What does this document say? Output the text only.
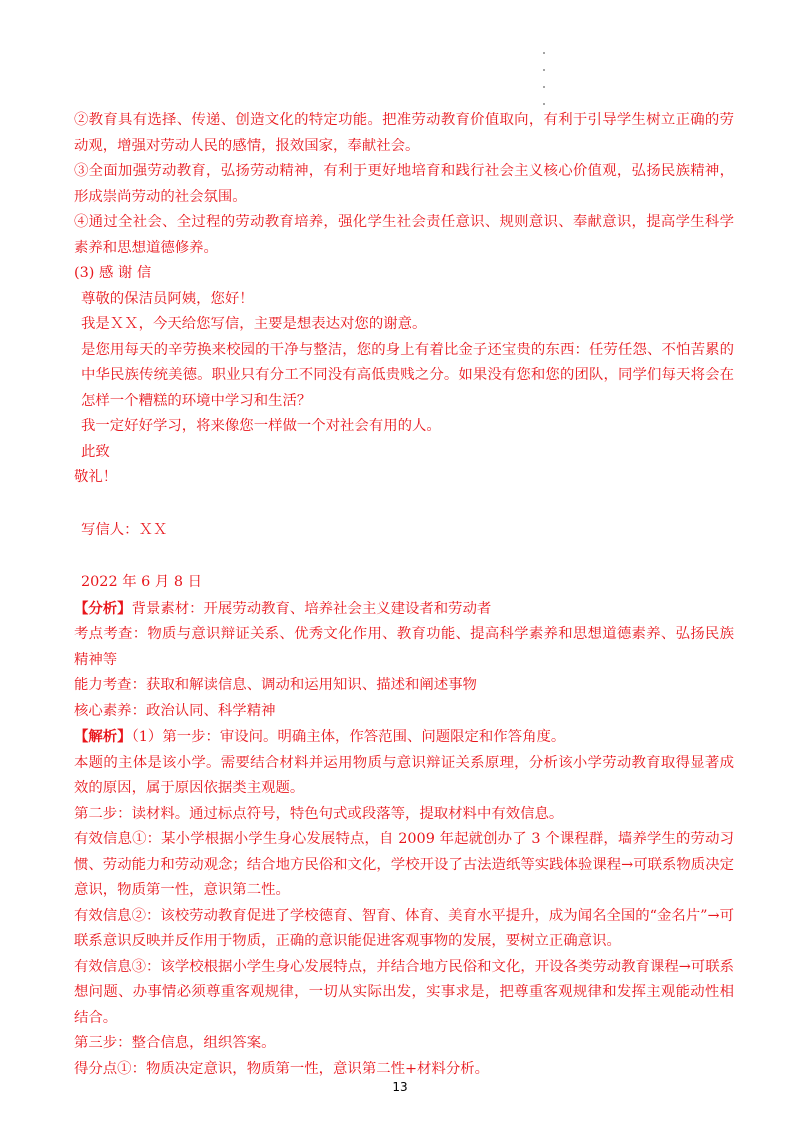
②教育具有选择、传递、创造文化的特定功能。把准劳动教育价值取向，有利于引导学生树立正确的劳动观，增强对劳动人民的感情，报效国家，奉献社会。

③全面加强劳动教育，弘扬劳动精神，有利于更好地培育和践行社会主义核心价值观，弘扬民族精神，形成崇尚劳动的社会氛围。

④通过全社会、全过程的劳动教育培养，强化学生社会责任意识、规则意识、奉献意识，提高学生科学素养和思想道德修养。

(3) 感 谢 信

尊敬的保洁员阿姨，您好！

我是ＸＸ，今天给您写信，主要是想表达对您的谢意。

是您用每天的辛劳换来校园的干净与整洁，您的身上有着比金子还宝贵的东西：任劳任怨、不怕苦累的中华民族传统美德。职业只有分工不同没有高低贵贱之分。如果没有您和您的团队，同学们每天将会在怎样一个糟糕的环境中学习和生活？

我一定好好学习，将来像您一样做一个对社会有用的人。

此致

敬礼！

写信人：ＸＸ

2022 年 6 月 8 日

【分析】背景素材：开展劳动教育、培养社会主义建设者和劳动者

考点考查：物质与意识辩证关系、优秀文化作用、教育功能、提高科学素养和思想道德素养、弘扬民族精神等

能力考查：获取和解读信息、调动和运用知识、描述和阐述事物

核心素养：政治认同、科学精神

【解析】（1）第一步：审设问。明确主体，作答范围、问题限定和作答角度。

本题的主体是该小学。需要结合材料并运用物质与意识辩证关系原理，分析该小学劳动教育取得显著成效的原因，属于原因依据类主观题。

第二步：读材料。通过标点符号，特色句式或段落等，提取材料中有效信息。

有效信息①：某小学根据小学生身心发展特点，自 2009 年起就创办了 3 个课程群，墙养学生的劳动习惯、劳动能力和劳动观念；结合地方民俗和文化，学校开设了古法造纸等实践体验课程→可联系物质决定意识，物质第一性，意识第二性。

有效信息②：该校劳动教育促进了学校德育、智育、体育、美育水平提升，成为闻名全国的“金名片”→可联系意识反映并反作用于物质，正确的意识能促进客观事物的发展，要树立正确意识。

有效信息③：该学校根据小学生身心发展特点，并结合地方民俗和文化，开设各类劳动教育课程→可联系想问题、办事情必须尊重客观规律，一切从实际出发，实事求是，把尊重客观规律和发挥主观能动性相结合。

第三步：整合信息，组织答案。

得分点①：物质决定意识，物质第一性，意识第二性+材料分析。

13
